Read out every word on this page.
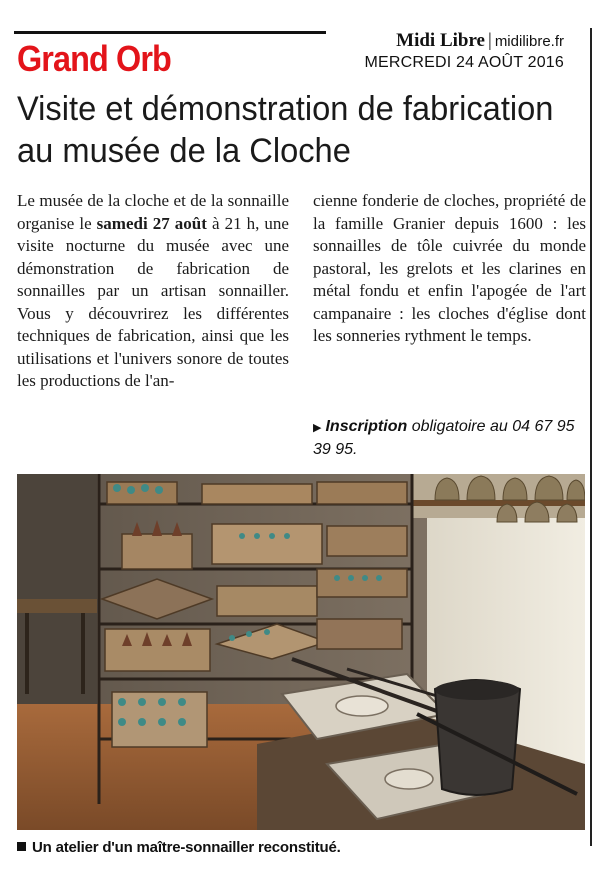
Grand Orb	Midi Libre | midilibre.fr
MERCREDI 24 AOÛT 2016
Visite et démonstration de fabrication au musée de la Cloche
Le musée de la cloche et de la sonnaille organise le samedi 27 août à 21 h, une visite nocturne du musée avec une démonstration de fabrication de sonnailles par un artisan sonnailler. Vous y découvrirez les différentes techniques de fabrication, ainsi que les utilisations et l'univers sonore de toutes les productions de l'an-
cienne fonderie de cloches, propriété de la famille Granier depuis 1600 : les sonnailles de tôle cuivrée du monde pastoral, les grelots et les clarines en métal fondu et enfin l'apogée de l'art campanaire : les cloches d'église dont les sonneries rythment le temps.
▶ Inscription obligatoire au 04 67 95 39 95.
Un atelier d'un maître-sonnailler reconstitué.
